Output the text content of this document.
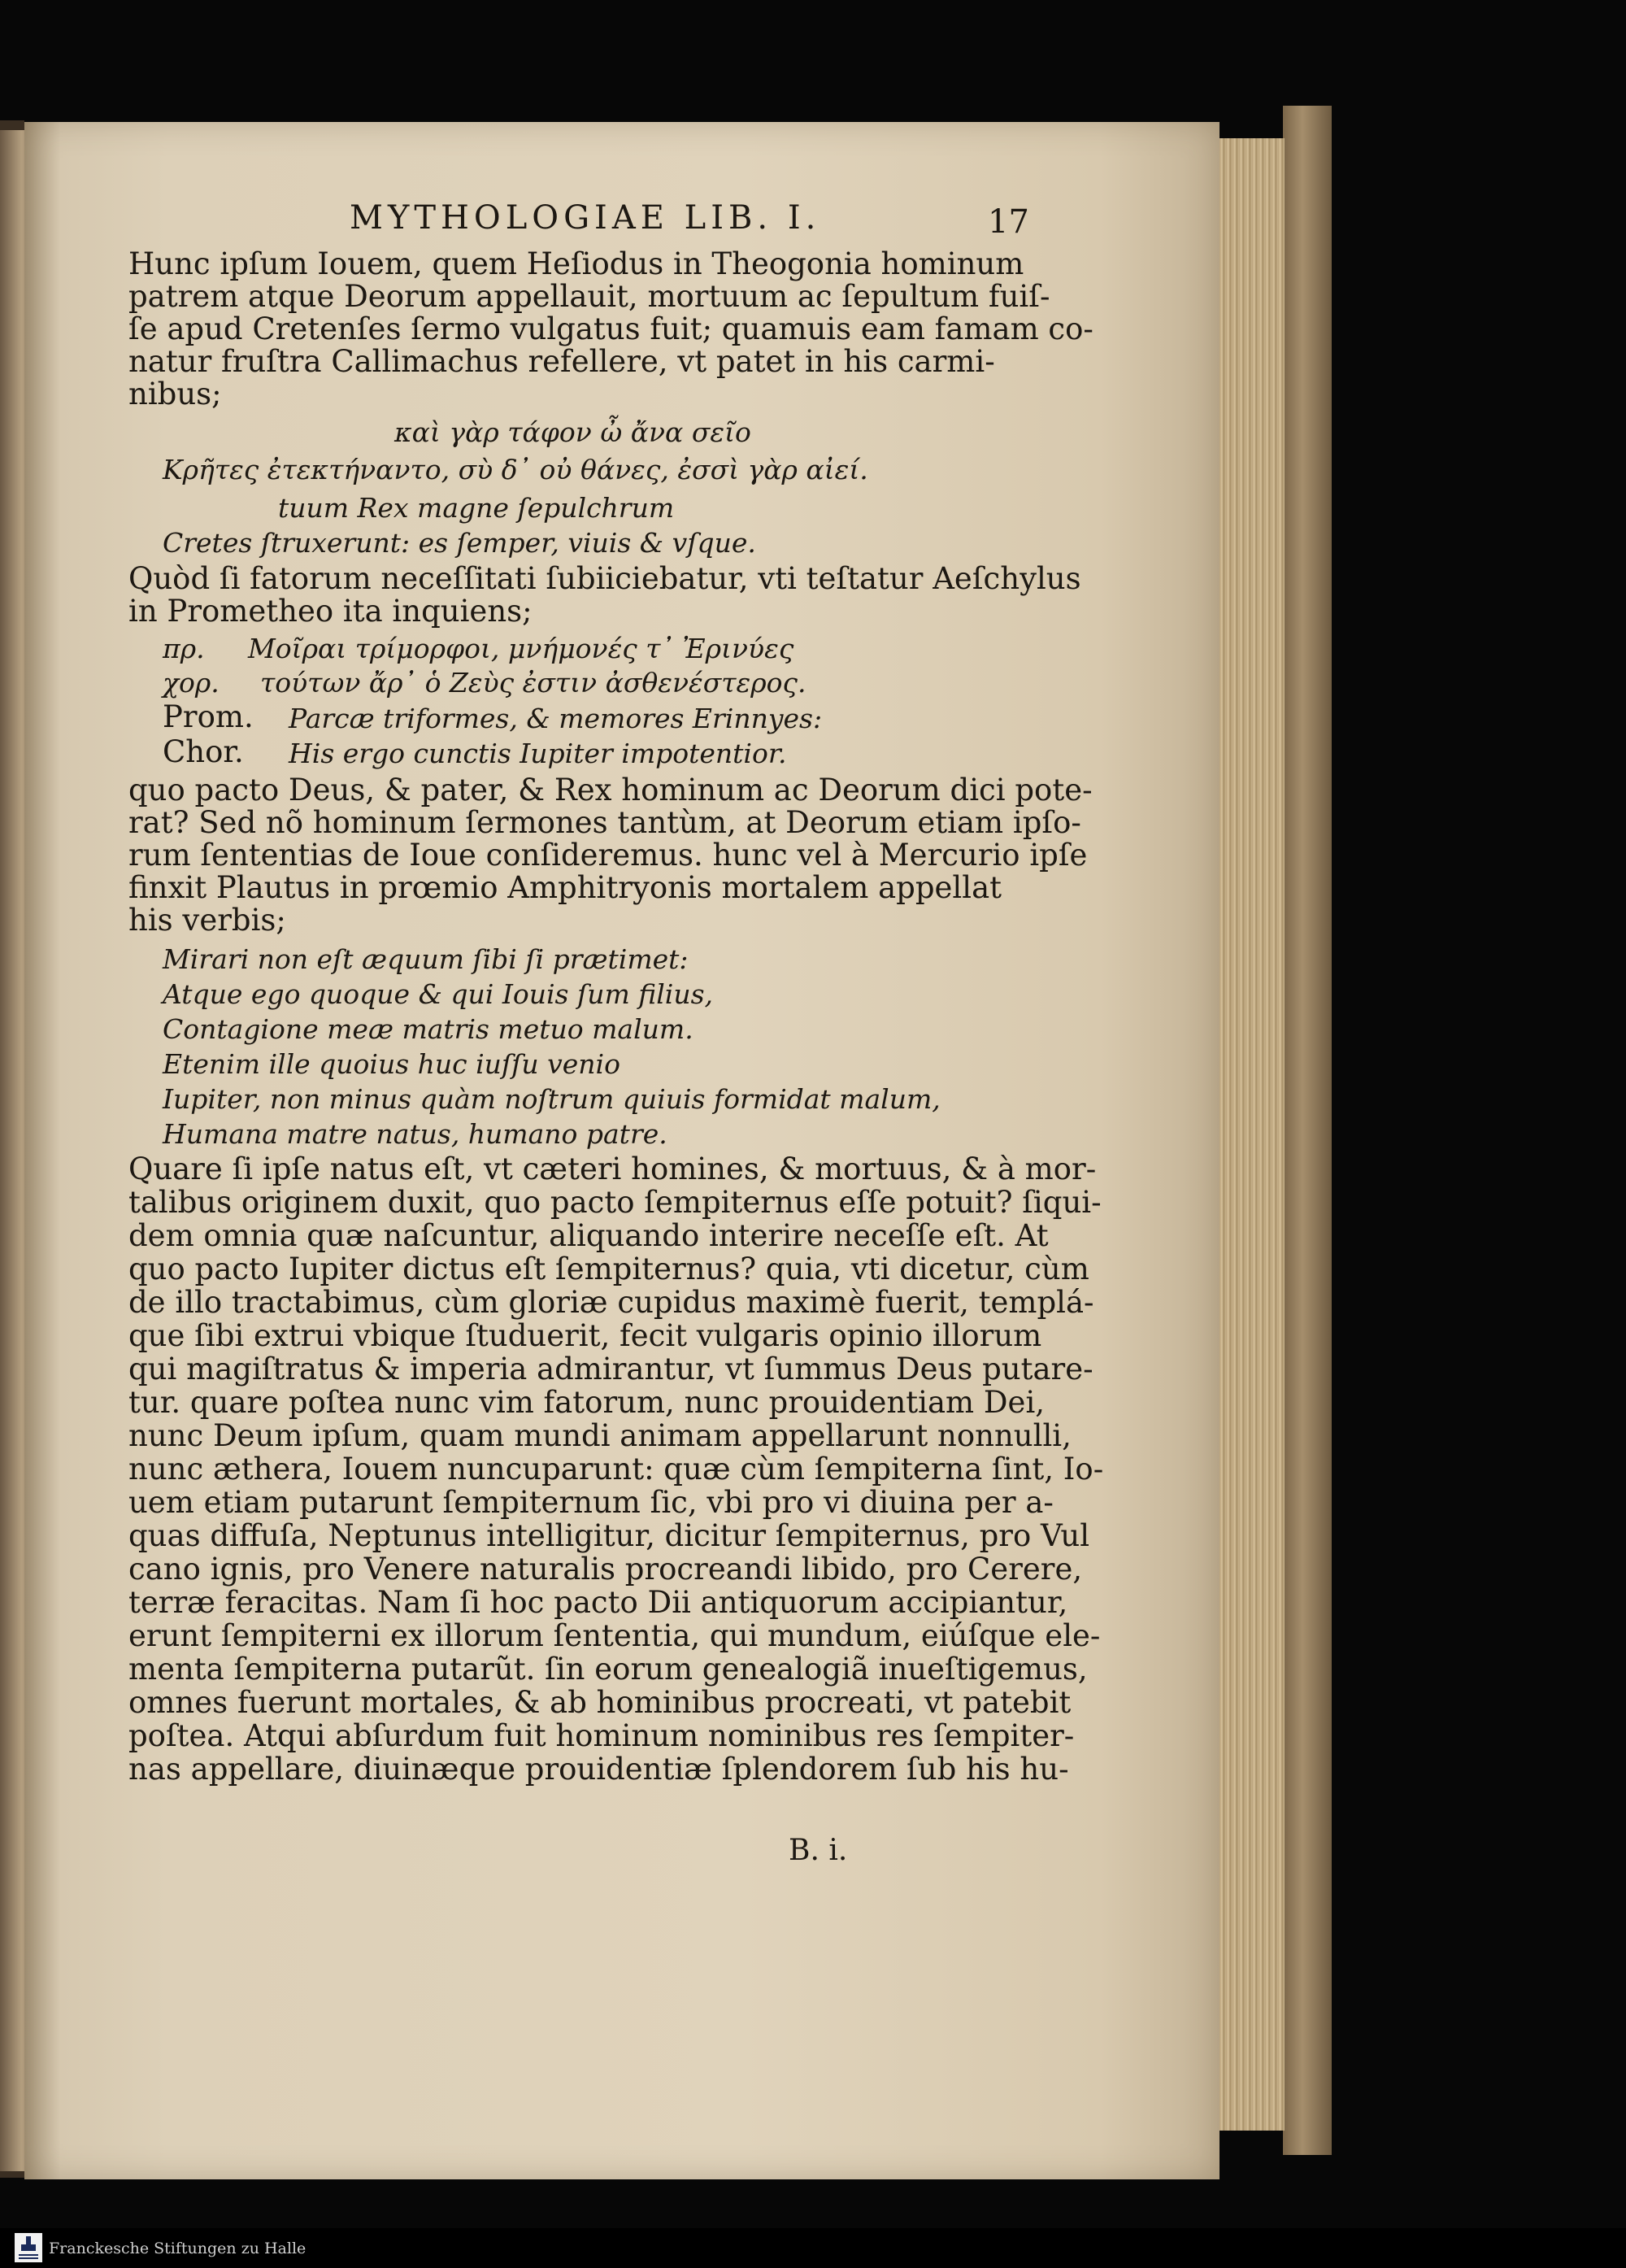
MYTHOLOGIAE LIB. I.	17
Hunc ipſum Iouem, quem Heſiodus in Theogonia hominum
patrem atque Deorum appellauit, mortuum ac ſepultum fuiſ-
ſe apud Cretenſes ſermo vulgatus fuit; quamuis eam famam co-
natur fruſtra Callimachus refellere, vt patet in his carmi-
nibus;
καὶ γὰρ τάφον ὦ ἄνα σεῖο
Κρῆτες ἐτεκτήναντο, σὺ δ᾽ οὐ θάνες, ἐσσὶ γὰρ αἰεί.
tuum Rex magne ſepulchrum
Cretes ſtruxerunt: es ſemper, viuis & vſque.
Quòd ſi fatorum neceſſitati ſubiiciebatur, vti teſtatur Aeſchylus
in Prometheo ita inquiens;
πρ. Μοῖραι τρίμορφοι, μνήμονές τ᾽ Ἐρινύες
χορ. τούτων ἄρ᾽ ὁ Ζεὺς ἐστιν ἀσθενέστερος.
Prom. Parcæ triformes, & memores Erinnyes:
Chor. His ergo cunctis Iupiter impotentior.
quo pacto Deus, & pater, & Rex hominum ac Deorum dici pote-
rat? Sed nõ hominum ſermones tantùm, at Deorum etiam ipſo-
rum ſententias de Ioue conſideremus. hunc vel à Mercurio ipſe
finxit Plautus in prœmio Amphitryonis mortalem appellat
his verbis;
Mirari non eſt æquum ſibi ſi prætimet:
Atque ego quoque & qui Iouis ſum filius,
Contagione meæ matris metuo malum.
Etenim ille quoius huc iuſſu venio
Iupiter, non minus quàm noſtrum quiuis formidat malum,
Humana matre natus, humano patre.
Quare ſi ipſe natus eſt, vt cæteri homines, & mortuus, & à mor-
talibus originem duxit, quo pacto ſempiternus eſſe potuit? ſiqui-
dem omnia quæ naſcuntur, aliquando interire neceſſe eſt. At
quo pacto Iupiter dictus eſt ſempiternus? quia, vti dicetur, cùm
de illo tractabimus, cùm gloriæ cupidus maximè fuerit, templá-
que ſibi extrui vbique ſtuduerit, fecit vulgaris opinio illorum
qui magiſtratus & imperia admirantur, vt ſummus Deus putare-
tur. quare poſtea nunc vim fatorum, nunc prouidentiam Dei,
nunc Deum ipſum, quam mundi animam appellarunt nonnulli,
nunc æthera, Iouem nuncuparunt: quæ cùm ſempiterna ſint, Io-
uem etiam putarunt ſempiternum ſic, vbi pro vi diuina per a-
quas diffuſa, Neptunus intelligitur, dicitur ſempiternus, pro Vul
cano ignis, pro Venere naturalis procreandi libido, pro Cerere,
terræ feracitas. Nam ſi hoc pacto Dii antiquorum accipiantur,
erunt ſempiterni ex illorum ſententia, qui mundum, eiúſque ele-
menta ſempiterna putarũt. ſin eorum genealogiã inueſtigemus,
omnes fuerunt mortales, & ab hominibus procreati, vt patebit
poſtea. Atqui abſurdum fuit hominum nominibus res ſempiter-
nas appellare, diuinæque prouidentiæ ſplendorem ſub his hu-
B. i.
Franckesche Stiftungen zu Halle
